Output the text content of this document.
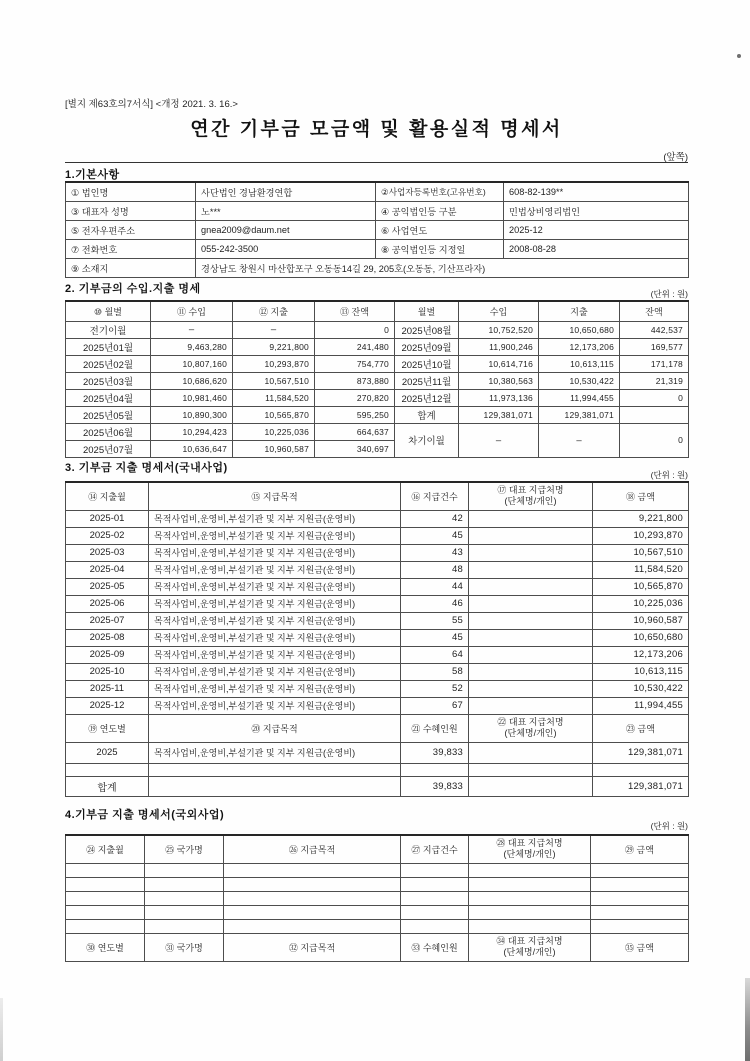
[별지 제63호의7서식] <개정 2021. 3. 16.>
연간 기부금 모금액 및 활용실적 명세서
(앞쪽)
1.기본사항
① 법인명	사단법인 경남환경연합	②사업자등록번호(고유번호)	608-82-139**
③ 대표자 성명	노***	④ 공익법인등 구분	민법상비영리법인
⑤ 전자우편주소	gnea2009@daum.net	⑥ 사업연도	2025-12
⑦ 전화번호	055-242-3500	⑧ 공익법인등 지정일	2008-08-28
⑨ 소재지	경상남도 창원시 마산합포구 오동동14길 29, 205호(오동동, 기산프라자)		
2. 기부금의 수입.지출 명세	(단위 : 원)
⑩ 월별	⑪ 수입	⑫ 지출	⑬ 잔액	월별	수입	지출	잔액
전기이월	–	–	0	2025년08월	10,752,520	10,650,680	442,537
2025년01월	9,463,280	9,221,800	241,480	2025년09월	11,900,246	12,173,206	169,577
2025년02월	10,807,160	10,293,870	754,770	2025년10월	10,614,716	10,613,115	171,178
2025년03월	10,686,620	10,567,510	873,880	2025년11월	10,380,563	10,530,422	21,319
2025년04월	10,981,460	11,584,520	270,820	2025년12월	11,973,136	11,994,455	0
2025년05월	10,890,300	10,565,870	595,250	합계	129,381,071	129,381,071	
2025년06월	10,294,423	10,225,036	664,637	차기이월	–	–	0
2025년07월	10,636,647	10,960,587	340,697				
3. 기부금 지출 명세서(국내사업)
(단위 : 원)
⑭ 지출월	⑮ 지급목적	⑯ 지급건수	⑰ 대표 지급처명
(단체명/개인)	⑱ 금액
2025-01	목적사업비,운영비,부설기관 및 지부 지원금(운영비)	42		9,221,800
2025-02	목적사업비,운영비,부설기관 및 지부 지원금(운영비)	45		10,293,870
2025-03	목적사업비,운영비,부설기관 및 지부 지원금(운영비)	43		10,567,510
2025-04	목적사업비,운영비,부설기관 및 지부 지원금(운영비)	48		11,584,520
2025-05	목적사업비,운영비,부설기관 및 지부 지원금(운영비)	44		10,565,870
2025-06	목적사업비,운영비,부설기관 및 지부 지원금(운영비)	46		10,225,036
2025-07	목적사업비,운영비,부설기관 및 지부 지원금(운영비)	55		10,960,587
2025-08	목적사업비,운영비,부설기관 및 지부 지원금(운영비)	45		10,650,680
2025-09	목적사업비,운영비,부설기관 및 지부 지원금(운영비)	64		12,173,206
2025-10	목적사업비,운영비,부설기관 및 지부 지원금(운영비)	58		10,613,115
2025-11	목적사업비,운영비,부설기관 및 지부 지원금(운영비)	52		10,530,422
2025-12	목적사업비,운영비,부설기관 및 지부 지원금(운영비)	67		11,994,455
⑲ 연도별	⑳ 지급목적	㉑ 수혜인원	㉒ 대표 지급처명
(단체명/개인)	㉓ 금액
2025	목적사업비,운영비,부설기관 및 지부 지원금(운영비)	39,833		129,381,071

합계		39,833		129,381,071
4.기부금 지출 명세서(국외사업)
(단위 : 원)
㉔ 지출월	㉕ 국가명	㉖ 지급목적	㉗ 지급건수	㉘ 대표 지급처명
(단체명/개인)	㉙ 금액

㉚ 연도별	㉛ 국가명	㉜ 지급목적	㉝ 수혜인원	㉞ 대표 지급처명
(단체명/개인)	㉟ 금액
